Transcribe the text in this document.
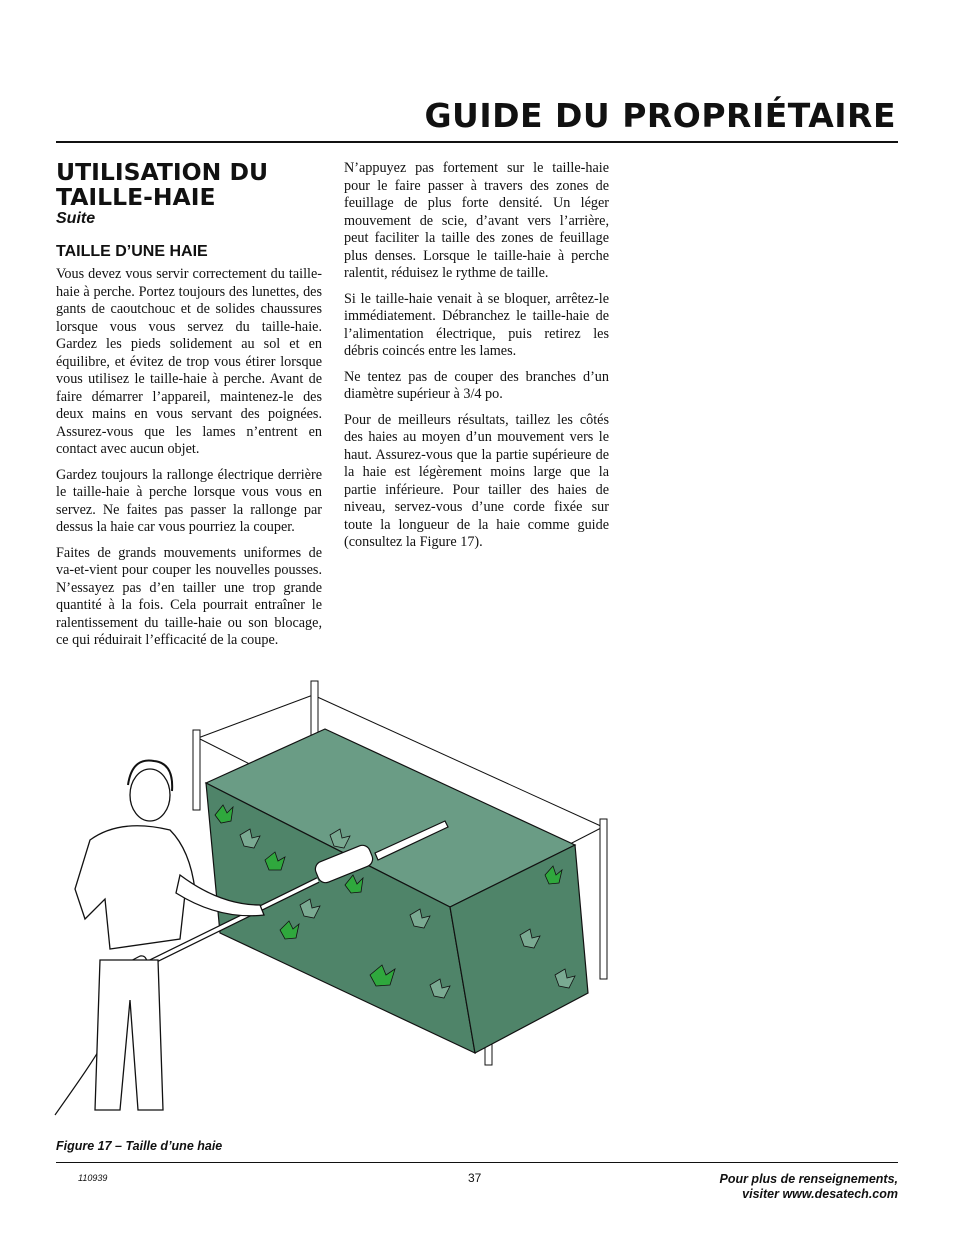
GUIDE DU PROPRIÉTAIRE
UTILISATION DU
TAILLE-HAIE
Suite
TAILLE D’UNE HAIE

Vous devez vous servir correctement du taille-haie à perche. Portez toujours des lunettes, des gants de caoutchouc et de solides chaussures lorsque vous vous servez du taille-haie. Gardez les pieds solidement au sol et en équilibre, et évitez de trop vous étirer lorsque vous utilisez le taille-haie à perche. Avant de faire démarrer l’appareil, maintenez-le des deux mains en vous servant des poignées. Assurez-vous que les lames n’entrent en contact avec aucun objet.

Gardez toujours la rallonge électrique derrière le taille-haie à perche lorsque vous vous en servez. Ne faites pas passer la rallonge par dessus la haie car vous pourriez la couper.

Faites de grands mouvements uniformes de va-et-vient pour couper les nouvelles pousses. N’essayez pas d’en tailler une trop grande quantité à la fois. Cela pourrait entraîner le ralentissement du taille-haie ou son blocage, ce qui réduirait l’efficacité de la coupe.

N’appuyez pas fortement sur le taille-haie pour le faire passer à travers des zones de feuillage de plus forte densité. Un léger mouvement de scie, d’avant vers l’arrière, peut faciliter la taille des zones de feuillage plus denses. Lorsque le taille-haie à perche ralentit, réduisez le rythme de taille.

Si le taille-haie venait à se bloquer, arrêtez-le immédiatement. Débranchez le taille-haie de l’alimentation électrique, puis retirez les débris coincés entre les lames.

Ne tentez pas de couper des branches d’un diamètre supérieur à 3/4 po.

Pour de meilleurs résultats, taillez les côtés des haies au moyen d’un mouvement vers le haut. Assurez-vous que la partie supérieure de la haie est légèrement moins large que la partie inférieure. Pour tailler des haies de niveau, servez-vous d’une corde fixée sur toute la longueur de la haie comme guide (consultez la Figure 17).

Figure 17 – Taille d’une haie
110939	37	Pour plus de renseignements,
visiter www.desatech.com
